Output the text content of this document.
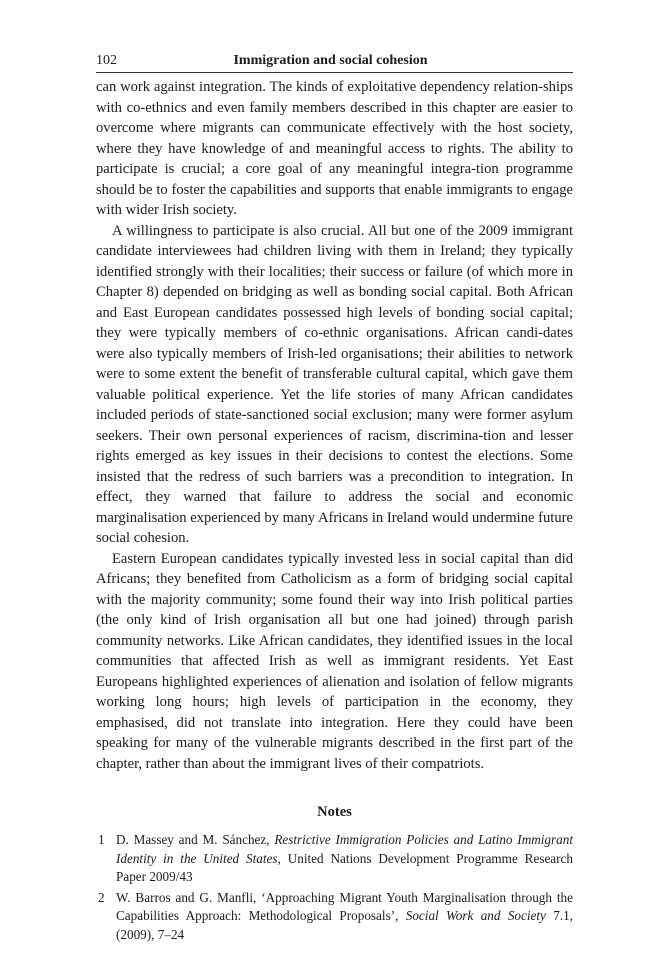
102	Immigration and social cohesion

can work against integration. The kinds of exploitative dependency relation-ships with co-ethnics and even family members described in this chapter are easier to overcome where migrants can communicate effectively with the host society, where they have knowledge of and meaningful access to rights. The ability to participate is crucial; a core goal of any meaningful integra-tion programme should be to foster the capabilities and supports that enable immigrants to engage with wider Irish society.

A willingness to participate is also crucial. All but one of the 2009 immigrant candidate interviewees had children living with them in Ireland; they typically identified strongly with their localities; their success or failure (of which more in Chapter 8) depended on bridging as well as bonding social capital. Both African and East European candidates possessed high levels of bonding social capital; they were typically members of co-ethnic organisations. African candi-dates were also typically members of Irish-led organisations; their abilities to network were to some extent the benefit of transferable cultural capital, which gave them valuable political experience. Yet the life stories of many African candidates included periods of state-sanctioned social exclusion; many were former asylum seekers. Their own personal experiences of racism, discrimina-tion and lesser rights emerged as key issues in their decisions to contest the elections. Some insisted that the redress of such barriers was a precondition to integration. In effect, they warned that failure to address the social and economic marginalisation experienced by many Africans in Ireland would undermine future social cohesion.

Eastern European candidates typically invested less in social capital than did Africans; they benefited from Catholicism as a form of bridging social capital with the majority community; some found their way into Irish political parties (the only kind of Irish organisation all but one had joined) through parish community networks. Like African candidates, they identified issues in the local communities that affected Irish as well as immigrant residents. Yet East Europeans highlighted experiences of alienation and isolation of fellow migrants working long hours; high levels of participation in the economy, they emphasised, did not translate into integration. Here they could have been speaking for many of the vulnerable migrants described in the first part of the chapter, rather than about the immigrant lives of their compatriots.

Notes
1 D. Massey and M. Sánchez, Restrictive Immigration Policies and Latino Immigrant Identity in the United States, United Nations Development Programme Research Paper 2009/43
2 W. Barros and G. Manfli, ‘Approaching Migrant Youth Marginalisation through the Capabilities Approach: Methodological Proposals’, Social Work and Society 7.1, (2009), 7–24
